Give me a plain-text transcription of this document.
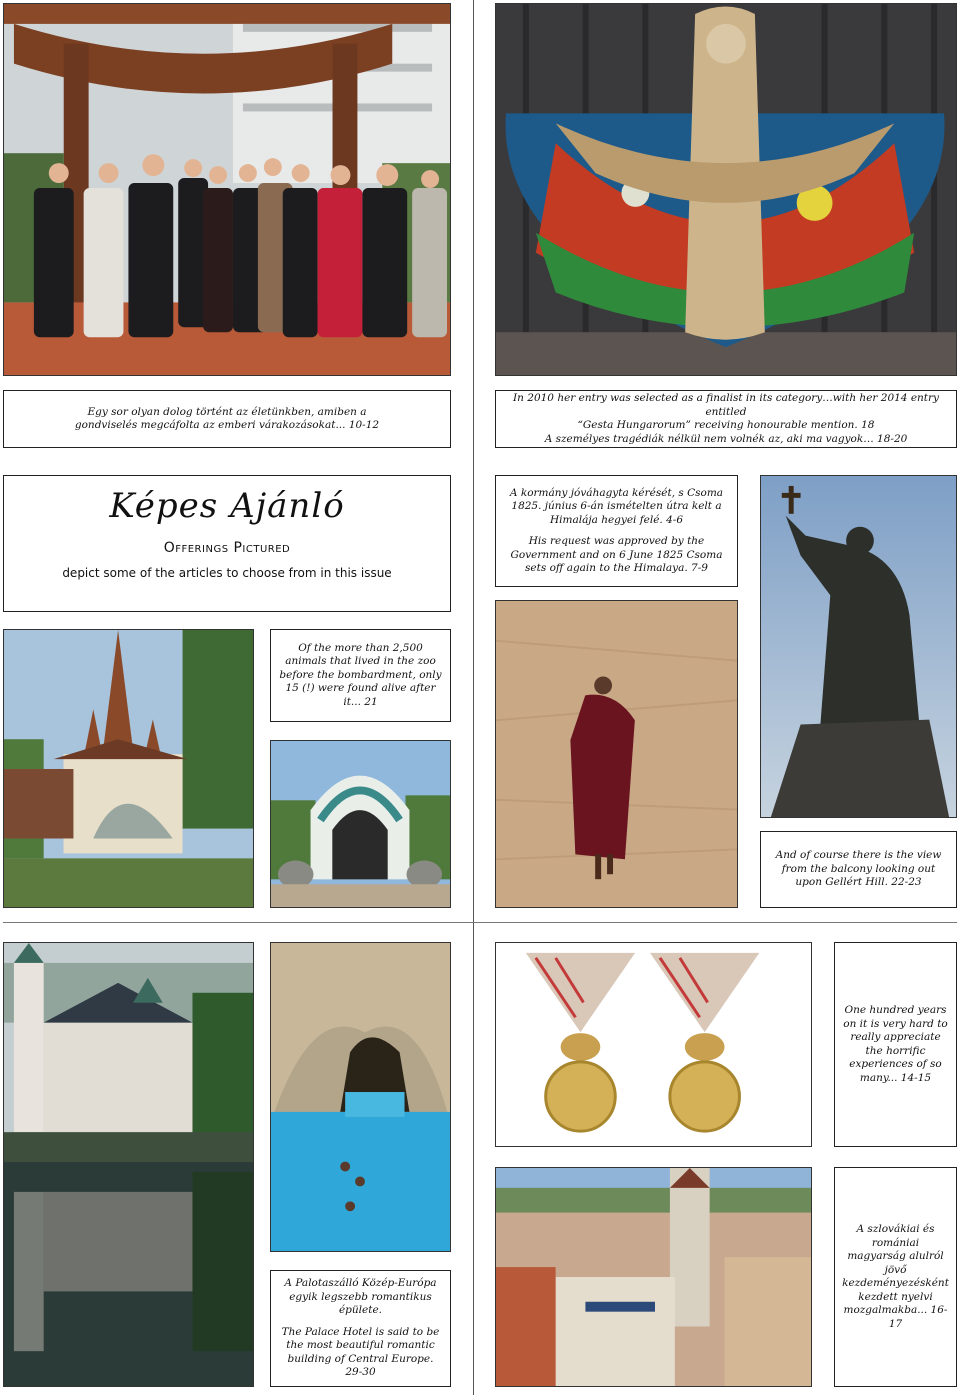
Egy sor olyan dolog történt az életünkben, amiben a gondviselés megcáfolta az emberi várakozásokat... 10-12

In 2010 her entry was selected as a finalist in its category…with her 2014 entry entitled

“Gesta Hungarorum” receiving honourable mention. 18

A személyes tragédiák nélkül nem volnék az, aki ma vagyok… 18-20

Képes Ajánló
Offerings Pictured
depict some of the articles to choose from in this issue

A kormány jóváhagyta kérését, s Csoma 1825. június 6-án ismételten útra kelt a Himalája hegyei felé. 4-6

His request was approved by the Government and on 6 June 1825 Csoma sets off again to the Himalaya. 7-9

Of the more than 2,500 animals that lived in the zoo before the bombardment, only 15 (!) were found alive after it... 21

And of course there is the view from the balcony looking out upon Gellért Hill. 22-23

A Palotaszálló Közép-Európa egyik legszebb romantikus épülete.

The Palace Hotel is said to be the most beautiful romantic building of Central Europe. 29-30

One hundred years on it is very hard to really appreciate the horrific experiences of so many... 14-15

A szlovákiai és romániai magyarság alulról jövő kezdeményezésként kezdett nyelvi mozgalmakba... 16-17
